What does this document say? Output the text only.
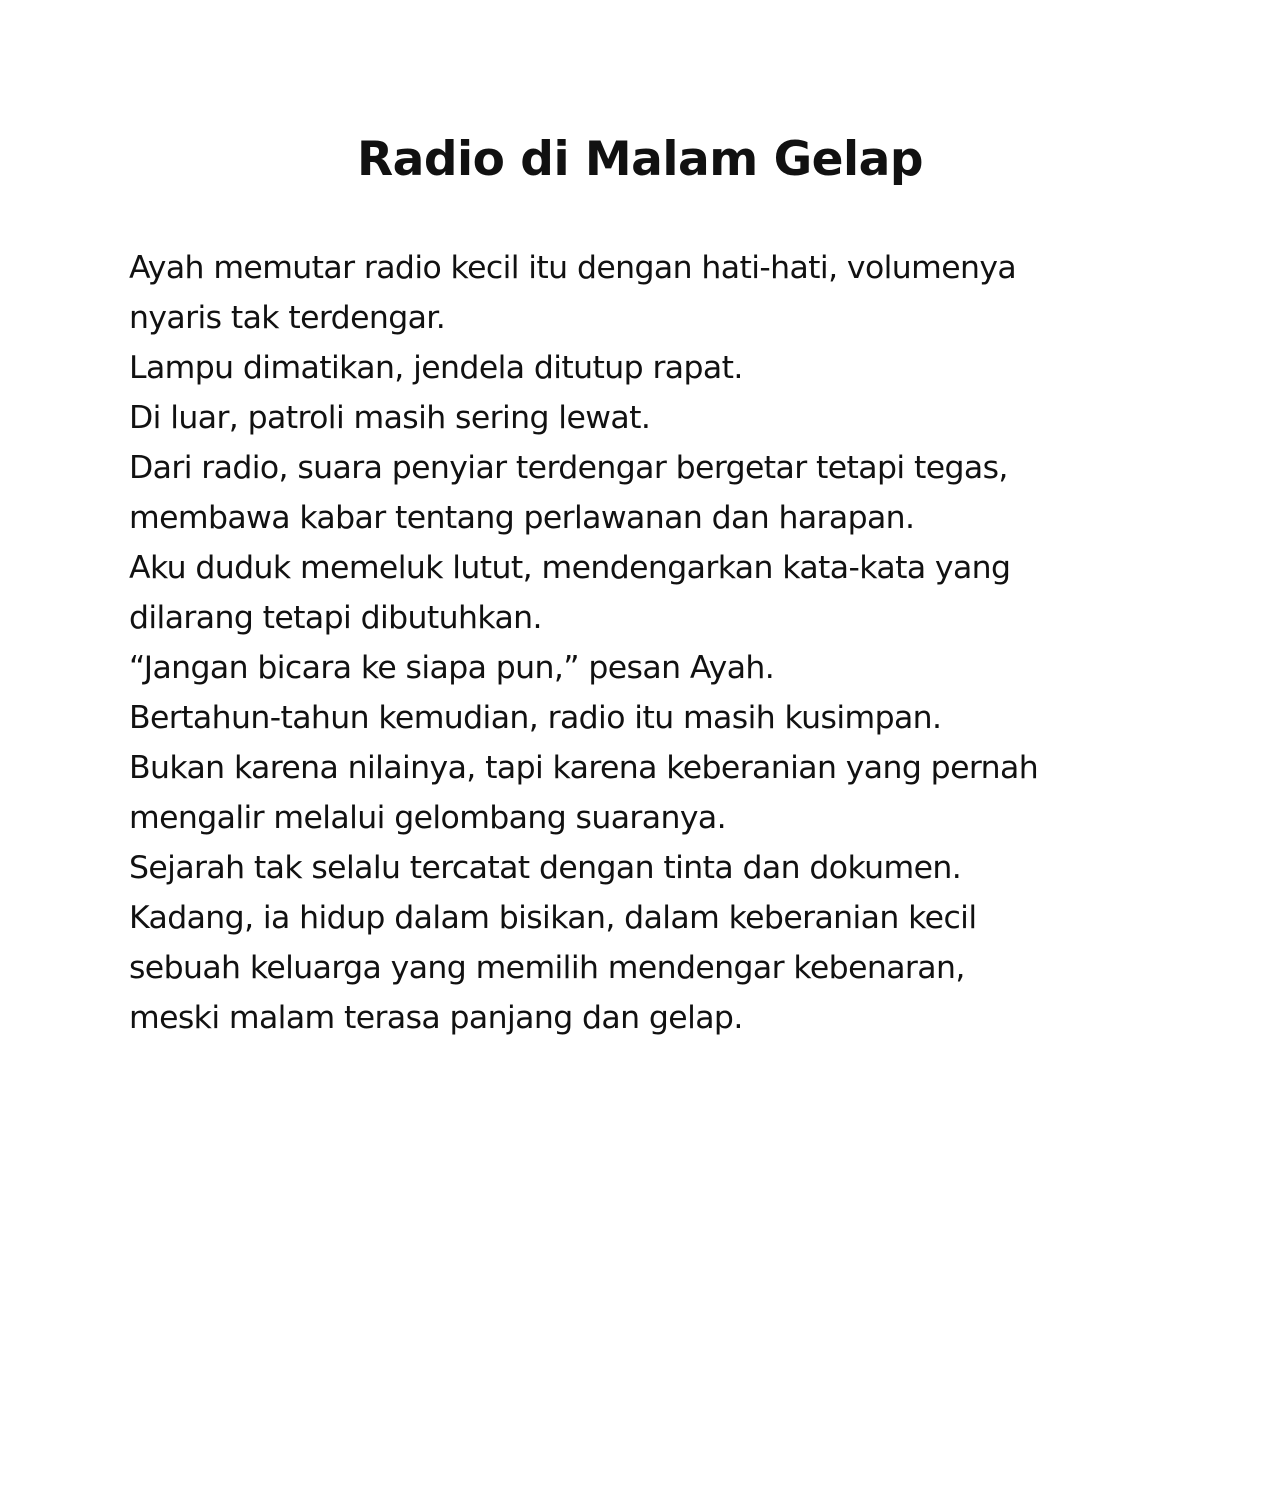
Radio di Malam Gelap
Ayah memutar radio kecil itu dengan hati-hati, volumenya
nyaris tak terdengar.
Lampu dimatikan, jendela ditutup rapat.
Di luar, patroli masih sering lewat.
Dari radio, suara penyiar terdengar bergetar tetapi tegas,
membawa kabar tentang perlawanan dan harapan.
Aku duduk memeluk lutut, mendengarkan kata-kata yang
dilarang tetapi dibutuhkan.
“Jangan bicara ke siapa pun,” pesan Ayah.
Bertahun-tahun kemudian, radio itu masih kusimpan.
Bukan karena nilainya, tapi karena keberanian yang pernah
mengalir melalui gelombang suaranya.
Sejarah tak selalu tercatat dengan tinta dan dokumen.
Kadang, ia hidup dalam bisikan, dalam keberanian kecil
sebuah keluarga yang memilih mendengar kebenaran,
meski malam terasa panjang dan gelap.
